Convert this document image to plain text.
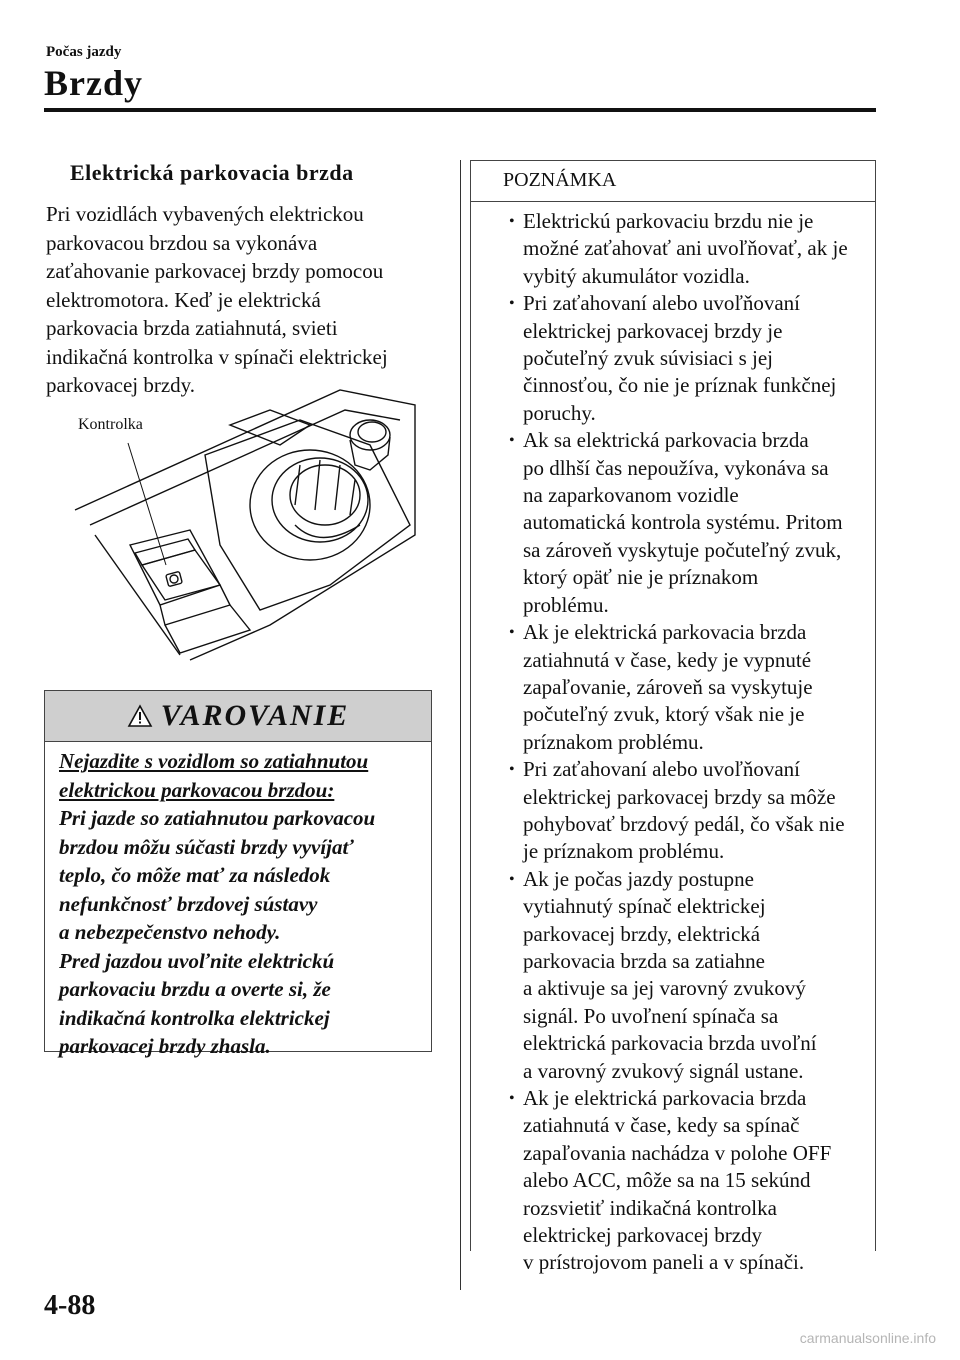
Počas jazdy
Brzdy
Elektrická parkovacia brzda
Pri vozidlách vybavených elektrickou
parkovacou brzdou sa vykonáva
zaťahovanie parkovacej brzdy pomocou
elektromotora. Keď je elektrická
parkovacia brzda zatiahnutá, svieti
indikačná kontrolka v spínači elektrickej
parkovacej brzdy.
Kontrolka
VAROVANIE
Nejazdite s vozidlom so zatiahnutou
elektrickou parkovacou brzdou:
Pri jazde so zatiahnutou parkovacou
brzdou môžu súčasti brzdy vyvíjať
teplo, čo môže mať za následok
nefunkčnosť brzdovej sústavy
a nebezpečenstvo nehody.
Pred jazdou uvoľnite elektrickú
parkovaciu brzdu a overte si, že
indikačná kontrolka elektrickej
parkovacej brzdy zhasla.
POZNÁMKA
• Elektrickú parkovaciu brzdu nie je
možné zaťahovať ani uvoľňovať, ak je
vybitý akumulátor vozidla.
• Pri zaťahovaní alebo uvoľňovaní
elektrickej parkovacej brzdy je
počuteľný zvuk súvisiaci s jej
činnosťou, čo nie je príznak funkčnej
poruchy.
• Ak sa elektrická parkovacia brzda
po dlhší čas nepoužíva, vykonáva sa
na zaparkovanom vozidle
automatická kontrola systému. Pritom
sa zároveň vyskytuje počuteľný zvuk,
ktorý opäť nie je príznakom
problému.
• Ak je elektrická parkovacia brzda
zatiahnutá v čase, kedy je vypnuté
zapaľovanie, zároveň sa vyskytuje
počuteľný zvuk, ktorý však nie je
príznakom problému.
• Pri zaťahovaní alebo uvoľňovaní
elektrickej parkovacej brzdy sa môže
pohybovať brzdový pedál, čo však nie
je príznakom problému.
• Ak je počas jazdy postupne
vytiahnutý spínač elektrickej
parkovacej brzdy, elektrická
parkovacia brzda sa zatiahne
a aktivuje sa jej varovný zvukový
signál. Po uvoľnení spínača sa
elektrická parkovacia brzda uvoľní
a varovný zvukový signál ustane.
• Ak je elektrická parkovacia brzda
zatiahnutá v čase, kedy sa spínač
zapaľovania nachádza v polohe OFF
alebo ACC, môže sa na 15 sekúnd
rozsvietiť indikačná kontrolka
elektrickej parkovacej brzdy
v prístrojovom paneli a v spínači.
4-88
carmanualsonline.info
